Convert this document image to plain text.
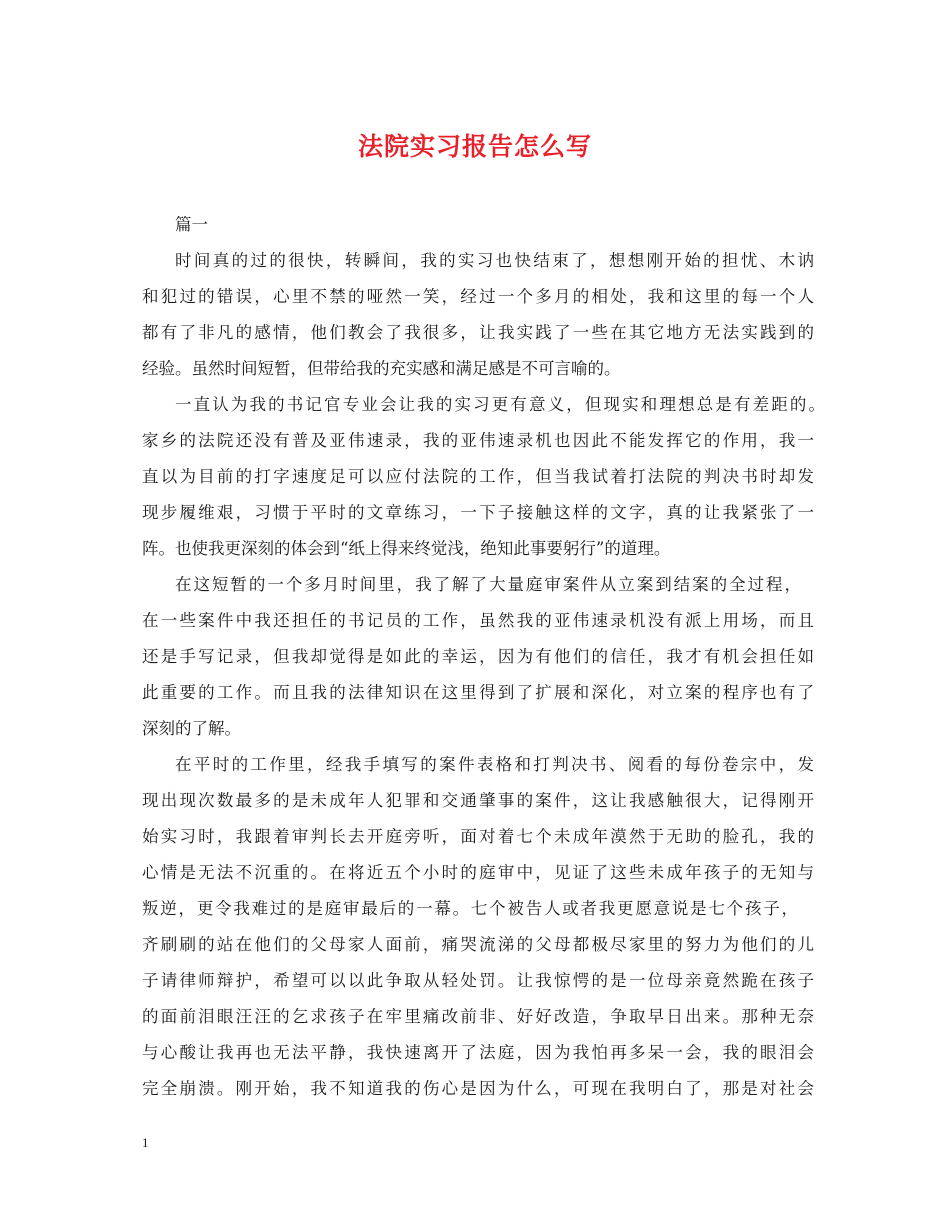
法院实习报告怎么写
篇一
时间真的过的很快，转瞬间，我的实习也快结束了，想想刚开始的担忧、木讷
和犯过的错误，心里不禁的哑然一笑，经过一个多月的相处，我和这里的每一个人
都有了非凡的感情，他们教会了我很多，让我实践了一些在其它地方无法实践到的
经验。虽然时间短暂，但带给我的充实感和满足感是不可言喻的。
一直认为我的书记官专业会让我的实习更有意义，但现实和理想总是有差距的。
家乡的法院还没有普及亚伟速录，我的亚伟速录机也因此不能发挥它的作用，我一
直以为目前的打字速度足可以应付法院的工作，但当我试着打法院的判决书时却发
现步履维艰，习惯于平时的文章练习，一下子接触这样的文字，真的让我紧张了一
阵。也使我更深刻的体会到“纸上得来终觉浅，绝知此事要躬行”的道理。
在这短暂的一个多月时间里，我了解了大量庭审案件从立案到结案的全过程，
在一些案件中我还担任的书记员的工作，虽然我的亚伟速录机没有派上用场，而且
还是手写记录，但我却觉得是如此的幸运，因为有他们的信任，我才有机会担任如
此重要的工作。而且我的法律知识在这里得到了扩展和深化，对立案的程序也有了
深刻的了解。
在平时的工作里，经我手填写的案件表格和打判决书、阅看的每份卷宗中，发
现出现次数最多的是未成年人犯罪和交通肇事的案件，这让我感触很大，记得刚开
始实习时，我跟着审判长去开庭旁听，面对着七个未成年漠然于无助的脸孔，我的
心情是无法不沉重的。在将近五个小时的庭审中，见证了这些未成年孩子的无知与
叛逆，更令我难过的是庭审最后的一幕。七个被告人或者我更愿意说是七个孩子，
齐刷刷的站在他们的父母家人面前，痛哭流涕的父母都极尽家里的努力为他们的儿
子请律师辩护，希望可以以此争取从轻处罚。让我惊愕的是一位母亲竟然跪在孩子
的面前泪眼汪汪的乞求孩子在牢里痛改前非、好好改造，争取早日出来。那种无奈
与心酸让我再也无法平静，我快速离开了法庭，因为我怕再多呆一会，我的眼泪会
完全崩溃。刚开始，我不知道我的伤心是因为什么，可现在我明白了，那是对社会
1
